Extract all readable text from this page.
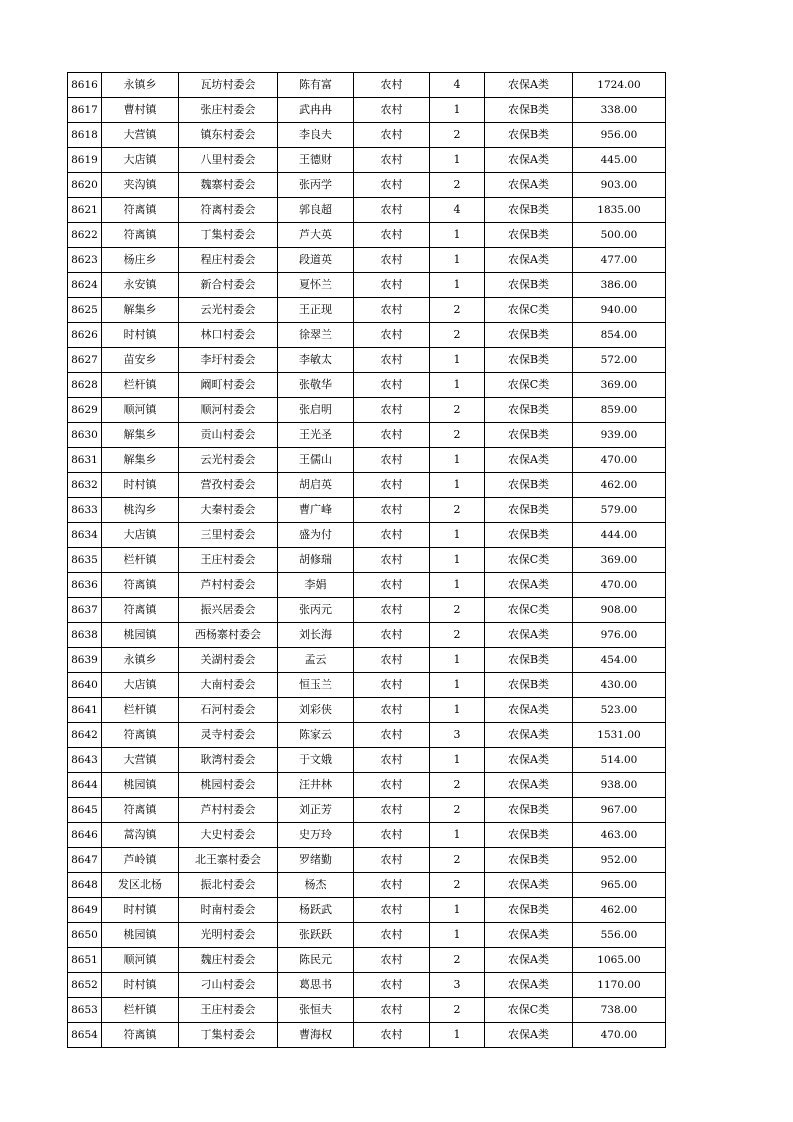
8616	永镇乡	瓦坊村委会	陈有富	农村	4	农保A类	1724.00
8617	曹村镇	张庄村委会	武冉冉	农村	1	农保B类	338.00
8618	大营镇	镇东村委会	李良夫	农村	2	农保B类	956.00
8619	大店镇	八里村委会	王德财	农村	1	农保A类	445.00
8620	夹沟镇	魏寨村委会	张丙学	农村	2	农保A类	903.00
8621	符离镇	符离村委会	郭良超	农村	4	农保B类	1835.00
8622	符离镇	丁集村委会	芦大英	农村	1	农保B类	500.00
8623	杨庄乡	程庄村委会	段道英	农村	1	农保A类	477.00
8624	永安镇	新合村委会	夏怀兰	农村	1	农保B类	386.00
8625	解集乡	云光村委会	王正现	农村	2	农保C类	940.00
8626	时村镇	林口村委会	徐翠兰	农村	2	农保B类	854.00
8627	苗安乡	李圩村委会	李敏太	农村	1	农保B类	572.00
8628	栏杆镇	阚町村委会	张敬华	农村	1	农保C类	369.00
8629	顺河镇	顺河村委会	张启明	农村	2	农保B类	859.00
8630	解集乡	贡山村委会	王光圣	农村	2	农保B类	939.00
8631	解集乡	云光村委会	王儒山	农村	1	农保A类	470.00
8632	时村镇	营孜村委会	胡启英	农村	1	农保B类	462.00
8633	桃沟乡	大秦村委会	曹广峰	农村	2	农保B类	579.00
8634	大店镇	三里村委会	盛为付	农村	1	农保B类	444.00
8635	栏杆镇	王庄村委会	胡修瑞	农村	1	农保C类	369.00
8636	符离镇	芦村村委会	李娟	农村	1	农保A类	470.00
8637	符离镇	振兴居委会	张丙元	农村	2	农保C类	908.00
8638	桃园镇	西杨寨村委会	刘长海	农村	2	农保A类	976.00
8639	永镇乡	关湖村委会	孟云	农村	1	农保B类	454.00
8640	大店镇	大南村委会	恒玉兰	农村	1	农保B类	430.00
8641	栏杆镇	石河村委会	刘彩侠	农村	1	农保A类	523.00
8642	符离镇	灵寺村委会	陈家云	农村	3	农保A类	1531.00
8643	大营镇	耿湾村委会	于文娥	农村	1	农保A类	514.00
8644	桃园镇	桃园村委会	汪井林	农村	2	农保A类	938.00
8645	符离镇	芦村村委会	刘正芳	农村	2	农保B类	967.00
8646	蒿沟镇	大史村委会	史万玲	农村	1	农保B类	463.00
8647	芦岭镇	北王寨村委会	罗绪勤	农村	2	农保B类	952.00
8648	发区北杨	振北村委会	杨杰	农村	2	农保A类	965.00
8649	时村镇	时南村委会	杨跃武	农村	1	农保B类	462.00
8650	桃园镇	光明村委会	张跃跃	农村	1	农保A类	556.00
8651	顺河镇	魏庄村委会	陈民元	农村	2	农保A类	1065.00
8652	时村镇	刁山村委会	葛思书	农村	3	农保A类	1170.00
8653	栏杆镇	王庄村委会	张恒夫	农村	2	农保C类	738.00
8654	符离镇	丁集村委会	曹海权	农村	1	农保A类	470.00
